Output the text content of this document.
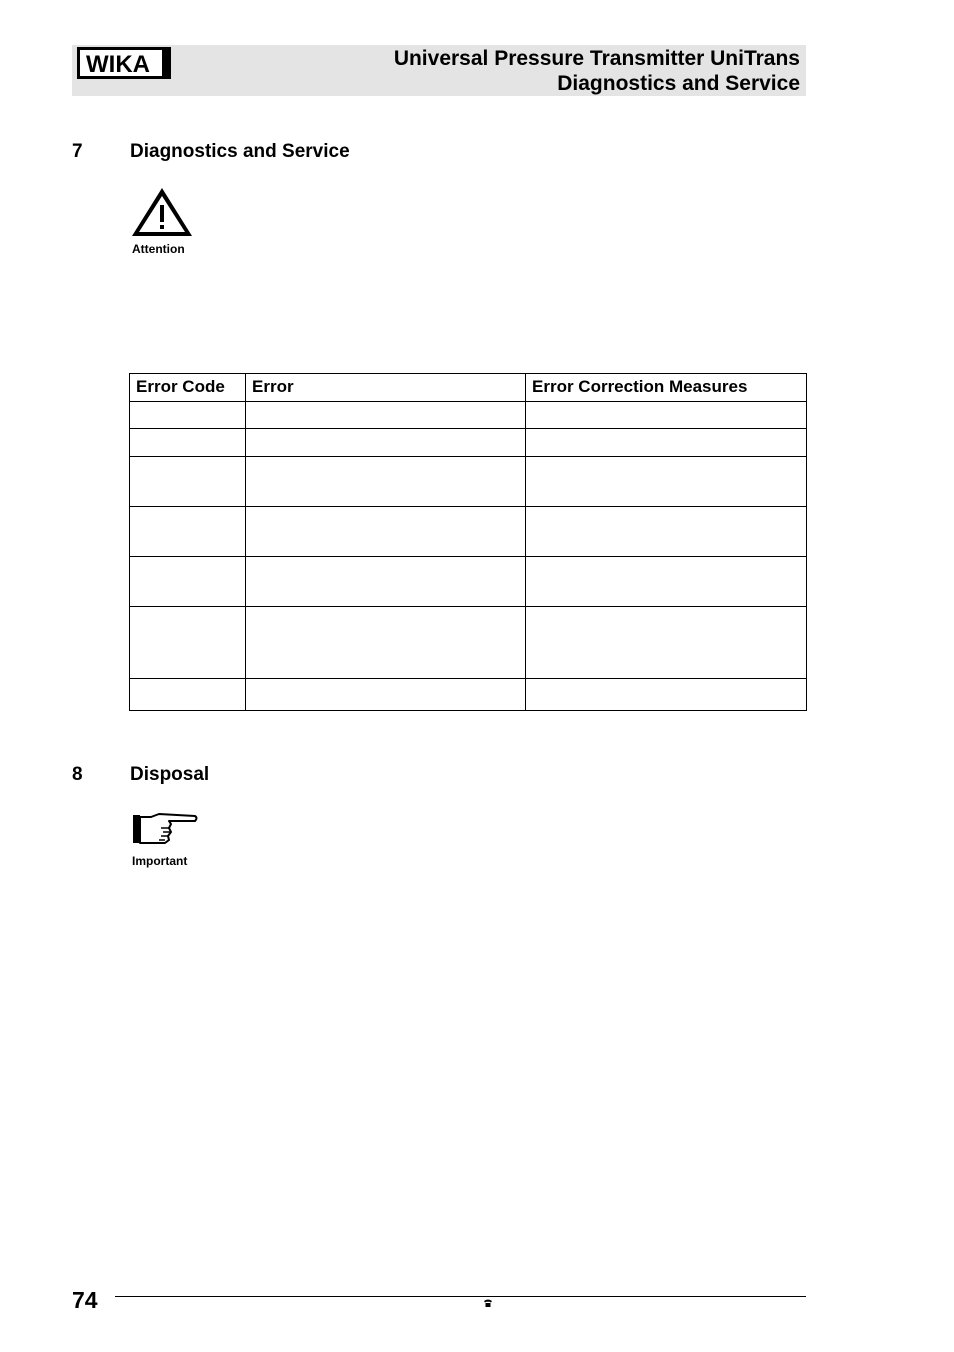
WIKA	Universal Pressure Transmitter UniTrans
Diagnostics and Service
7 Diagnostics and Service
Attention
Error Code	Error	Error Correction Measures

8 Disposal
Important
74
